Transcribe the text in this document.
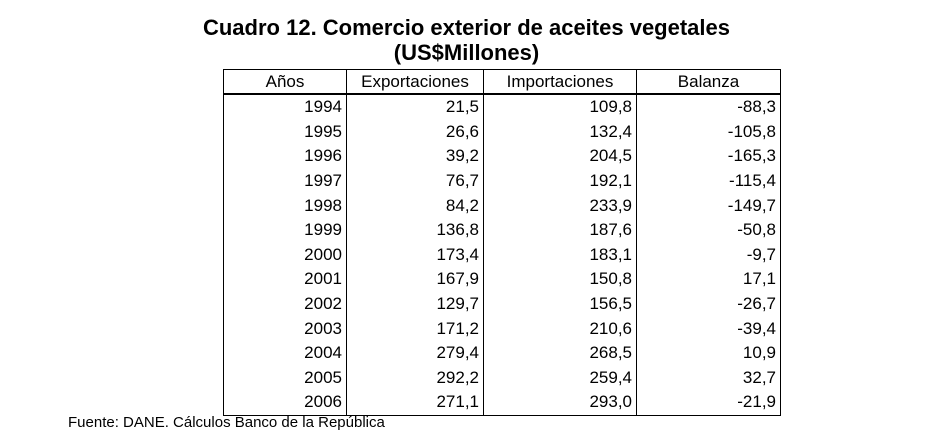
Cuadro 12. Comercio exterior de aceites vegetales
(US$Millones)
Años	Exportaciones	Importaciones	Balanza
1994	21,5	109,8	-88,3
1995	26,6	132,4	-105,8
1996	39,2	204,5	-165,3
1997	76,7	192,1	-115,4
1998	84,2	233,9	-149,7
1999	136,8	187,6	-50,8
2000	173,4	183,1	-9,7
2001	167,9	150,8	17,1
2002	129,7	156,5	-26,7
2003	171,2	210,6	-39,4
2004	279,4	268,5	10,9
2005	292,2	259,4	32,7
2006	271,1	293,0	-21,9
Fuente: DANE. Cálculos Banco de la República
